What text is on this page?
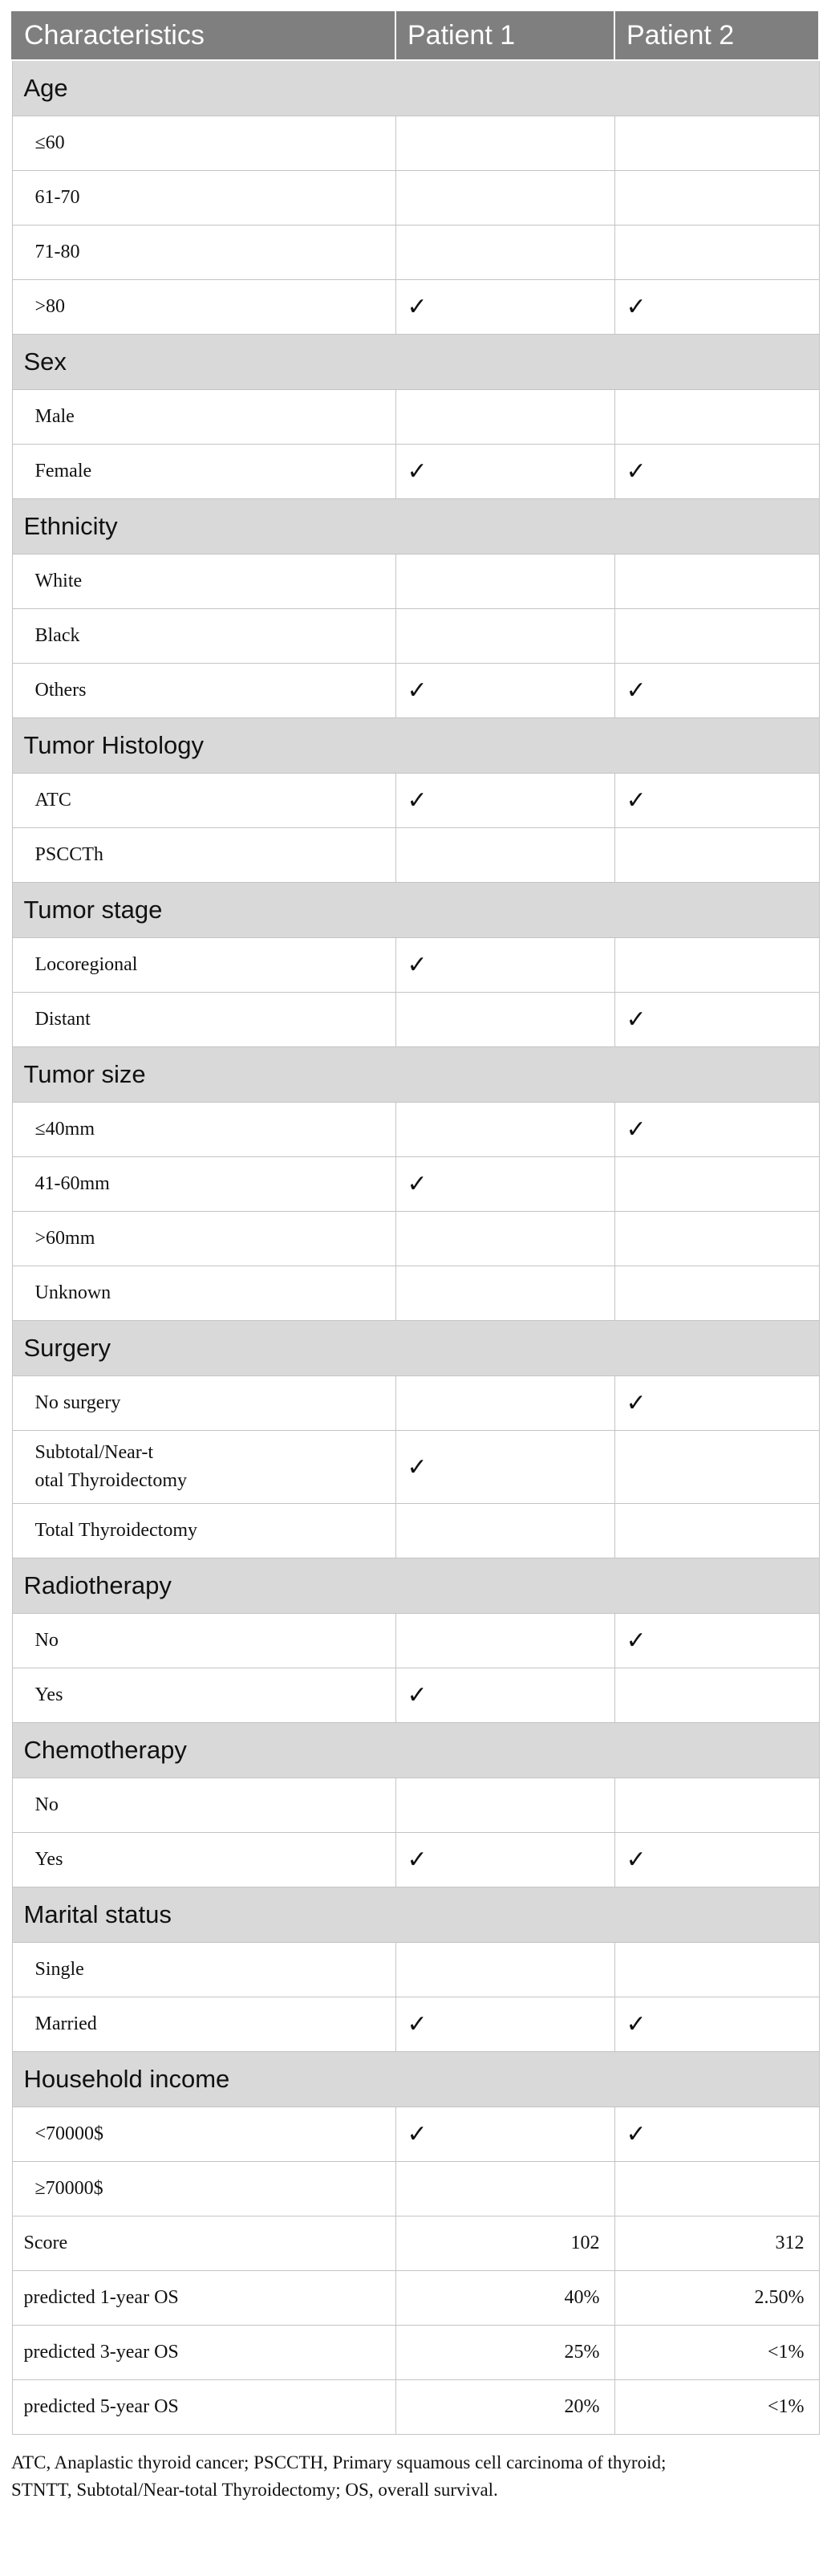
Characteristics	Patient 1	Patient 2
Age		
≤60		
61-70		
71-80		
>80	✓	✓
Sex		
Male		
Female	✓	✓
Ethnicity		
White		
Black		
Others	✓	✓
Tumor Histology		
ATC	✓	✓
PSCCTh		
Tumor stage		
Locoregional	✓	
Distant		✓
Tumor size		
≤40mm		✓
41-60mm	✓	
>60mm		
Unknown		
Surgery		
No surgery		✓
Subtotal/Near-t
otal Thyroidectomy	✓	
Total Thyroidectomy		
Radiotherapy		
No		✓
Yes	✓	
Chemotherapy		
No		
Yes	✓	✓
Marital status		
Single		
Married	✓	✓
Household income		
<70000$	✓	✓
≥70000$		
Score	102	312
predicted 1-year OS	40%	2.50%
predicted 3-year OS	25%	<1%
predicted 5-year OS	20%	<1%
ATC, Anaplastic thyroid cancer; PSCCTH, Primary squamous cell carcinoma of thyroid;
STNTT, Subtotal/Near-total Thyroidectomy; OS, overall survival.
